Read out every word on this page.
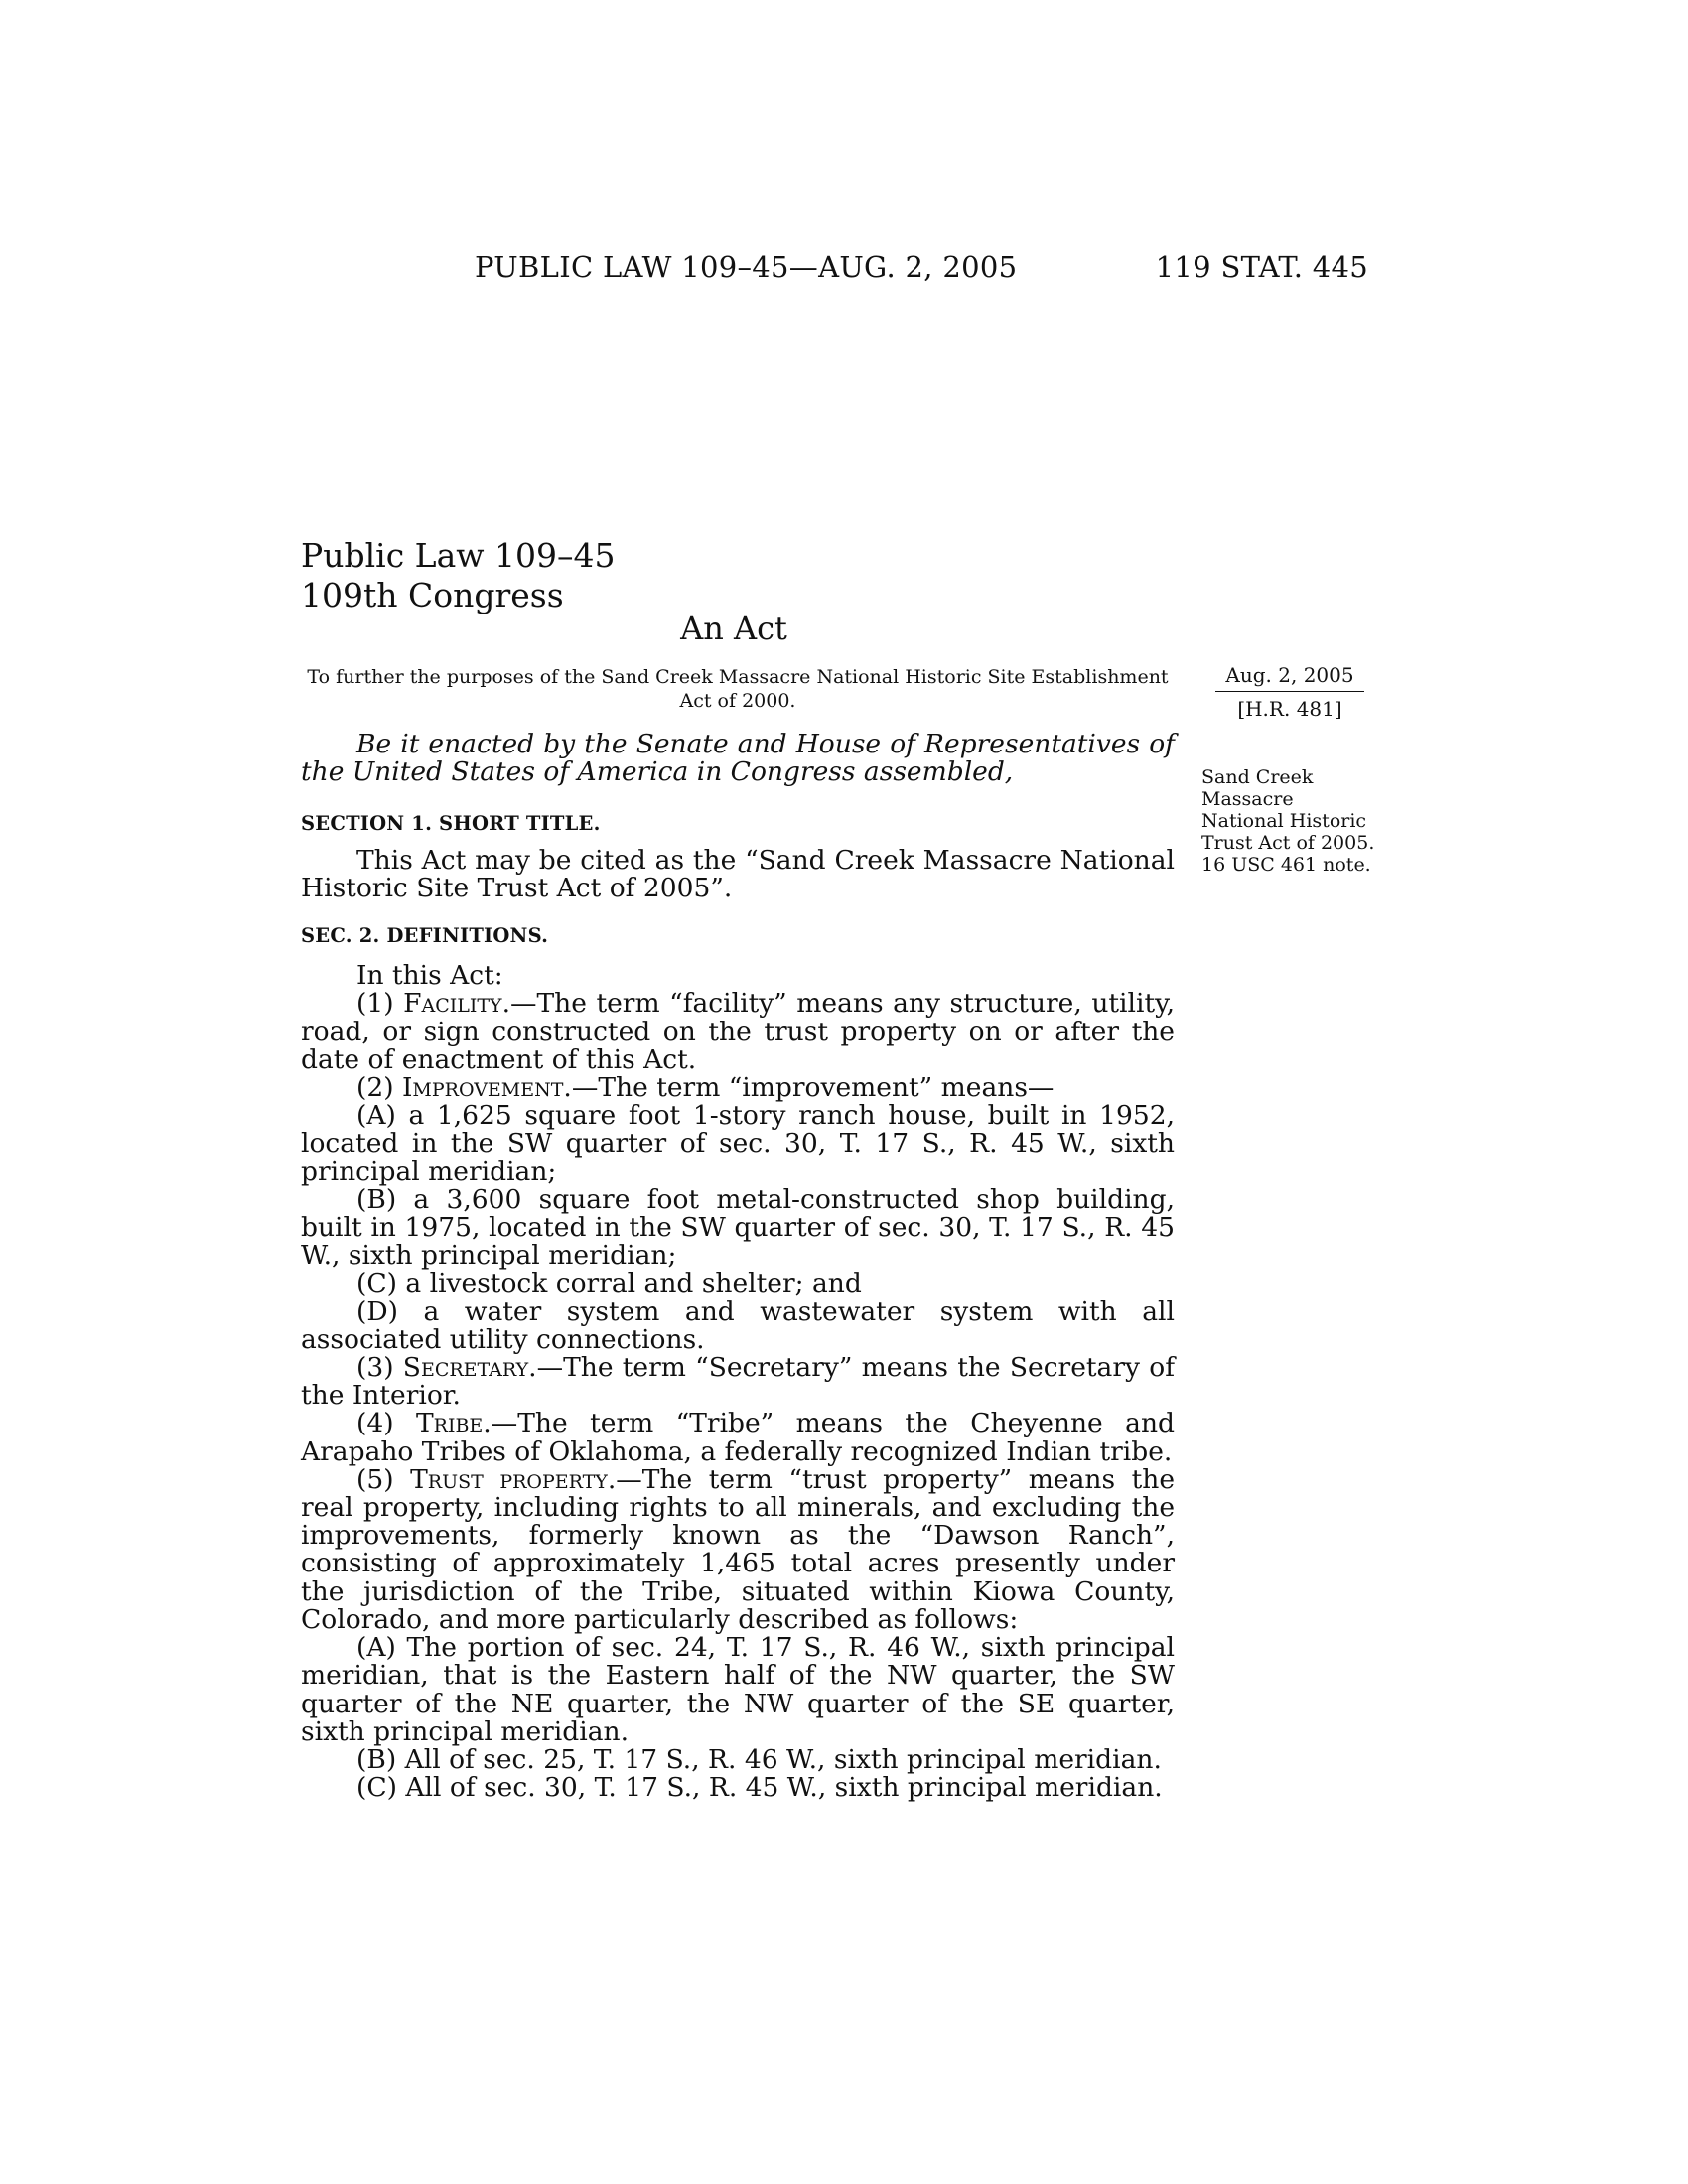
PUBLIC LAW 109–45—AUG. 2, 2005	119 STAT. 445
Public Law 109–45
109th Congress
An Act
To further the purposes of the Sand Creek Massacre National Historic Site Establishment Act of 2000.
Aug. 2, 2005
[H.R. 481]
Sand Creek Massacre National Historic Trust Act of 2005.
16 USC 461 note.

Be it enacted by the Senate and House of Representatives of the United States of America in Congress assembled,

SECTION 1. SHORT TITLE.

This Act may be cited as the “Sand Creek Massacre National Historic Site Trust Act of 2005”.

SEC. 2. DEFINITIONS.

In this Act:

(1) Facility.—The term “facility” means any structure, utility, road, or sign constructed on the trust property on or after the date of enactment of this Act.

(2) Improvement.—The term “improvement” means—

(A) a 1,625 square foot 1-story ranch house, built in 1952, located in the SW quarter of sec. 30, T. 17 S., R. 45 W., sixth principal meridian;

(B) a 3,600 square foot metal-constructed shop building, built in 1975, located in the SW quarter of sec. 30, T. 17 S., R. 45 W., sixth principal meridian;

(C) a livestock corral and shelter; and

(D) a water system and wastewater system with all associated utility connections.

(3) Secretary.—The term “Secretary” means the Secretary of the Interior.

(4) Tribe.—The term “Tribe” means the Cheyenne and Arapaho Tribes of Oklahoma, a federally recognized Indian tribe.

(5) Trust property.—The term “trust property” means the real property, including rights to all minerals, and excluding the improvements, formerly known as the “Dawson Ranch”, consisting of approximately 1,465 total acres presently under the jurisdiction of the Tribe, situated within Kiowa County, Colorado, and more particularly described as follows:

(A) The portion of sec. 24, T. 17 S., R. 46 W., sixth principal meridian, that is the Eastern half of the NW quarter, the SW quarter of the NE quarter, the NW quarter of the SE quarter, sixth principal meridian.

(B) All of sec. 25, T. 17 S., R. 46 W., sixth principal meridian.

(C) All of sec. 30, T. 17 S., R. 45 W., sixth principal meridian.
